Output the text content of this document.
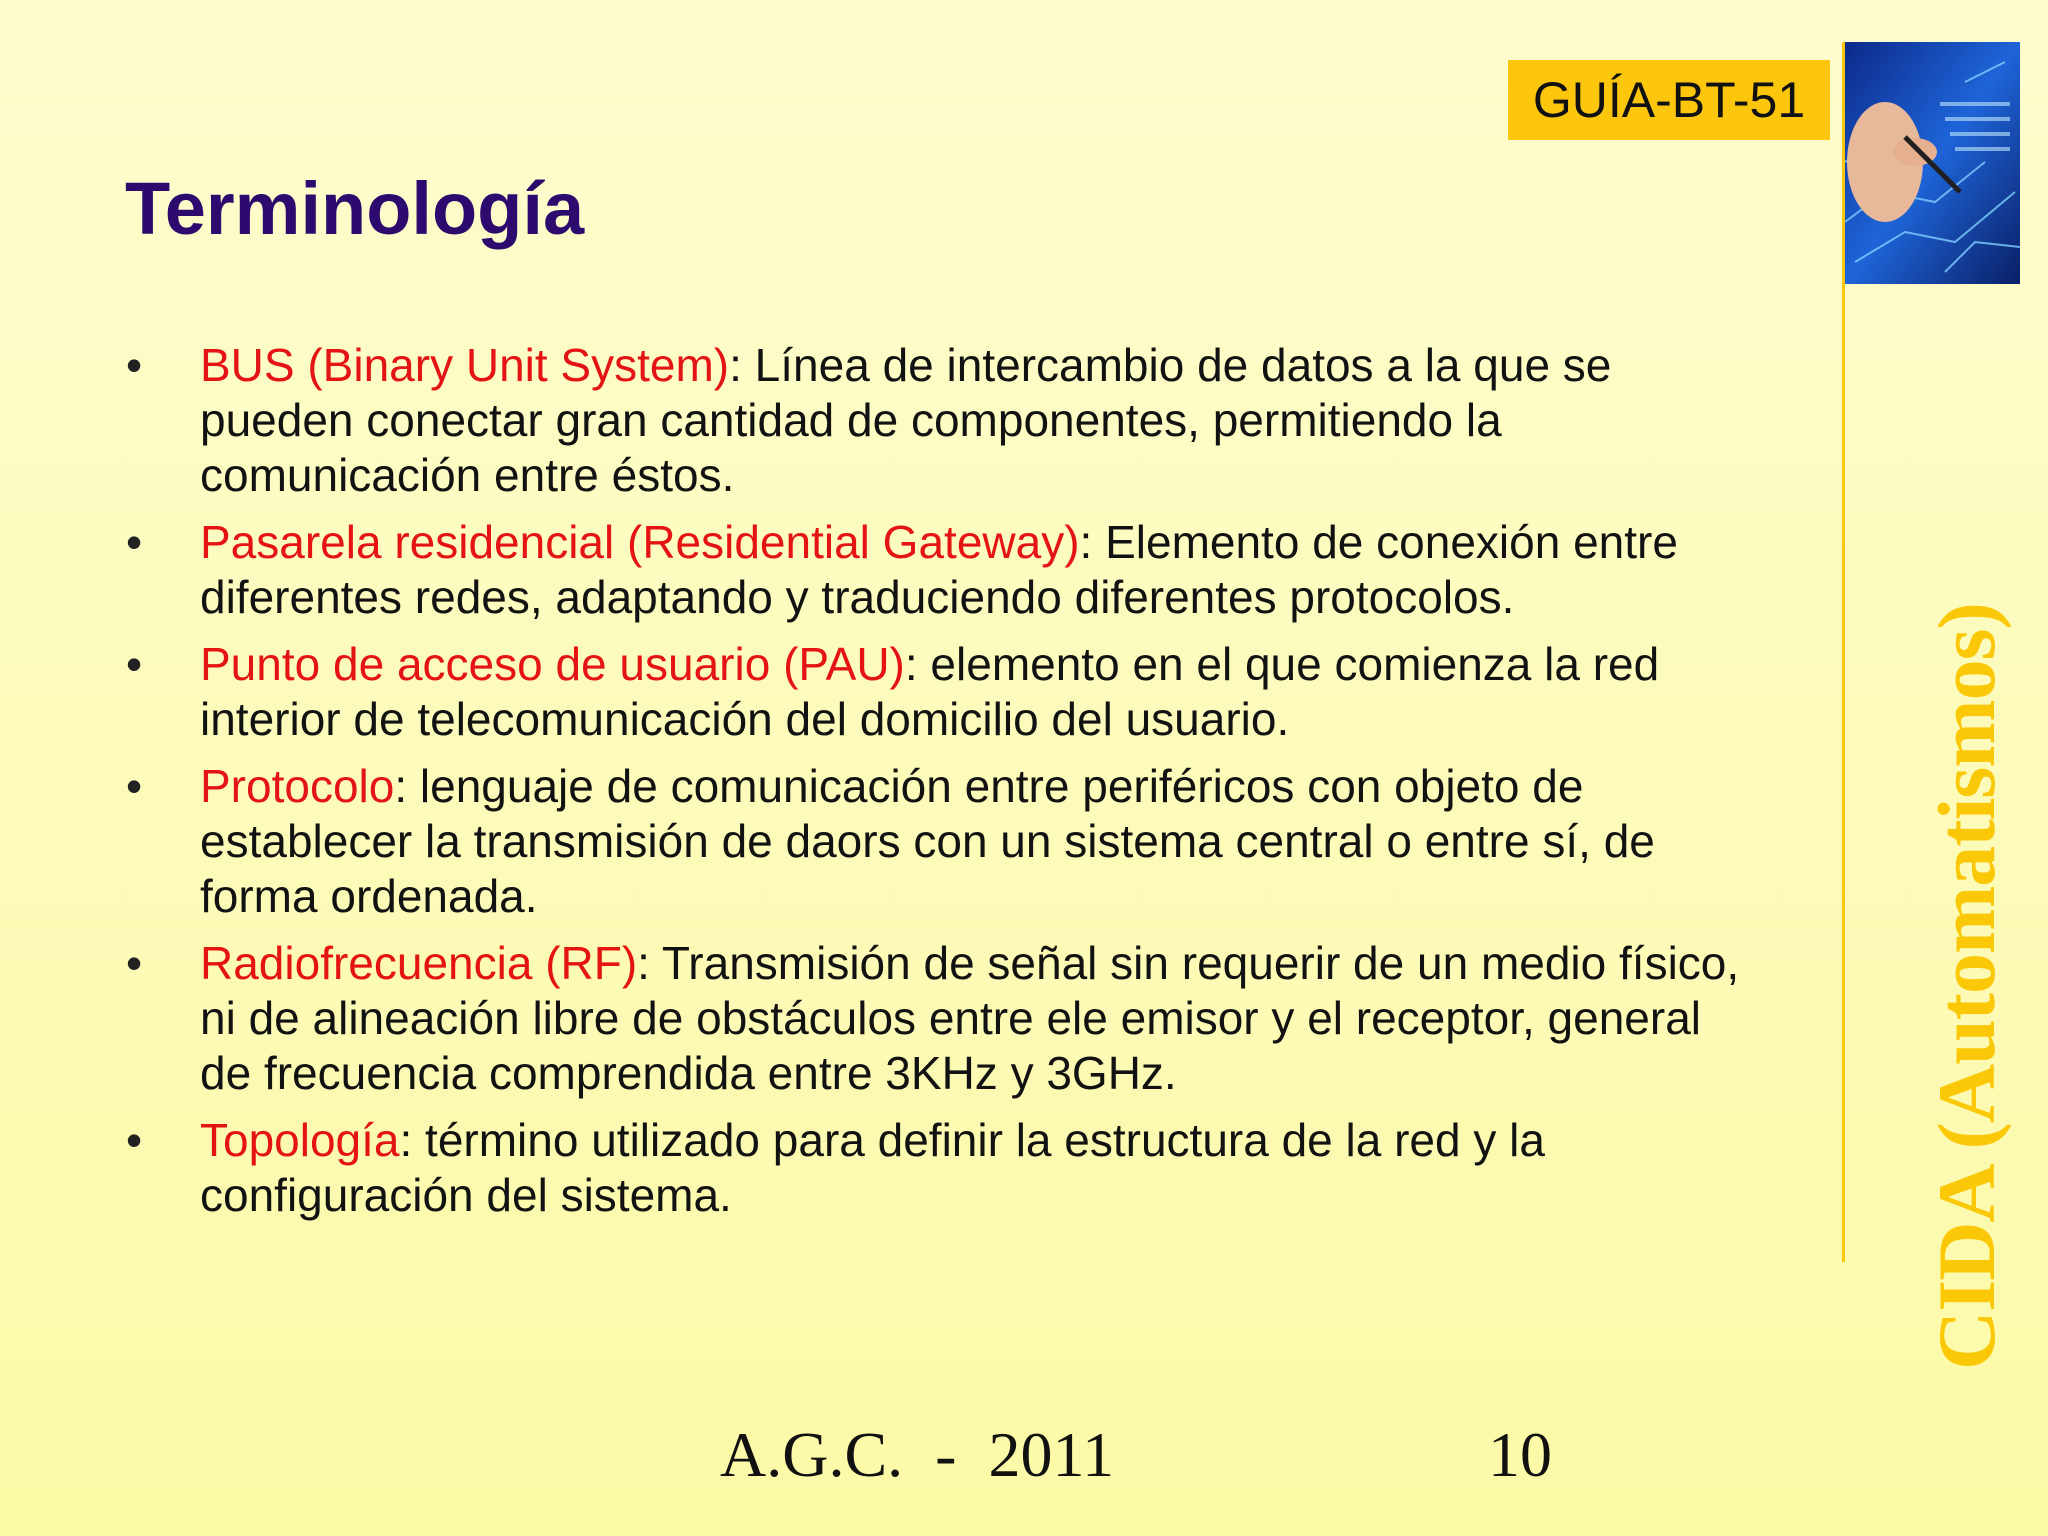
GUÍA-BT-51
CIDA (Automatismos)
Terminología
• BUS (Binary Unit System): Línea de intercambio de datos a la que se pueden conectar gran cantidad de componentes, permitiendo la comunicación entre éstos.
• Pasarela residencial (Residential Gateway): Elemento de conexión entre diferentes redes, adaptando y traduciendo diferentes protocolos.
• Punto de acceso de usuario (PAU): elemento en el que comienza la red interior de telecomunicación del domicilio del usuario.
• Protocolo: lenguaje de comunicación entre periféricos con objeto de establecer la transmisión de daors con un sistema central o entre sí, de forma ordenada.
• Radiofrecuencia (RF): Transmisión de señal sin requerir de un medio físico, ni de alineación libre de obstáculos entre ele emisor y el receptor, general de frecuencia comprendida entre 3KHz y 3GHz.
• Topología: término utilizado para definir la estructura de la red y la configuración del sistema.
A.G.C.  -  2011	10
